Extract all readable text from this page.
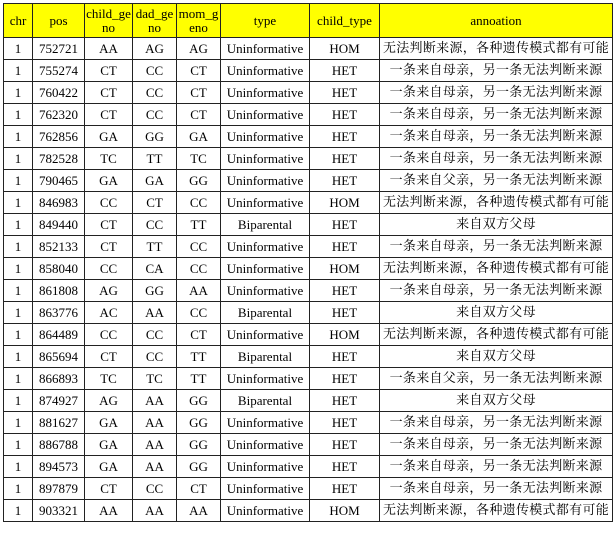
chr	pos	child_geno	dad_geno	mom_geno	type	child_type	annoation
1	752721	AA	AG	AG	Uninformative	HOM	无法判断来源，各种遗传模式都有可能
1	755274	CT	CC	CT	Uninformative	HET	一条来自母亲，另一条无法判断来源
1	760422	CT	CC	CT	Uninformative	HET	一条来自母亲，另一条无法判断来源
1	762320	CT	CC	CT	Uninformative	HET	一条来自母亲，另一条无法判断来源
1	762856	GA	GG	GA	Uninformative	HET	一条来自母亲，另一条无法判断来源
1	782528	TC	TT	TC	Uninformative	HET	一条来自母亲，另一条无法判断来源
1	790465	GA	GA	GG	Uninformative	HET	一条来自父亲，另一条无法判断来源
1	846983	CC	CT	CC	Uninformative	HOM	无法判断来源，各种遗传模式都有可能
1	849440	CT	CC	TT	Biparental	HET	来自双方父母
1	852133	CT	TT	CC	Uninformative	HET	一条来自母亲，另一条无法判断来源
1	858040	CC	CA	CC	Uninformative	HOM	无法判断来源，各种遗传模式都有可能
1	861808	AG	GG	AA	Uninformative	HET	一条来自母亲，另一条无法判断来源
1	863776	AC	AA	CC	Biparental	HET	来自双方父母
1	864489	CC	CC	CT	Uninformative	HOM	无法判断来源，各种遗传模式都有可能
1	865694	CT	CC	TT	Biparental	HET	来自双方父母
1	866893	TC	TC	TT	Uninformative	HET	一条来自父亲，另一条无法判断来源
1	874927	AG	AA	GG	Biparental	HET	来自双方父母
1	881627	GA	AA	GG	Uninformative	HET	一条来自母亲，另一条无法判断来源
1	886788	GA	AA	GG	Uninformative	HET	一条来自母亲，另一条无法判断来源
1	894573	GA	AA	GG	Uninformative	HET	一条来自母亲，另一条无法判断来源
1	897879	CT	CC	CT	Uninformative	HET	一条来自母亲，另一条无法判断来源
1	903321	AA	AA	AA	Uninformative	HOM	无法判断来源，各种遗传模式都有可能
